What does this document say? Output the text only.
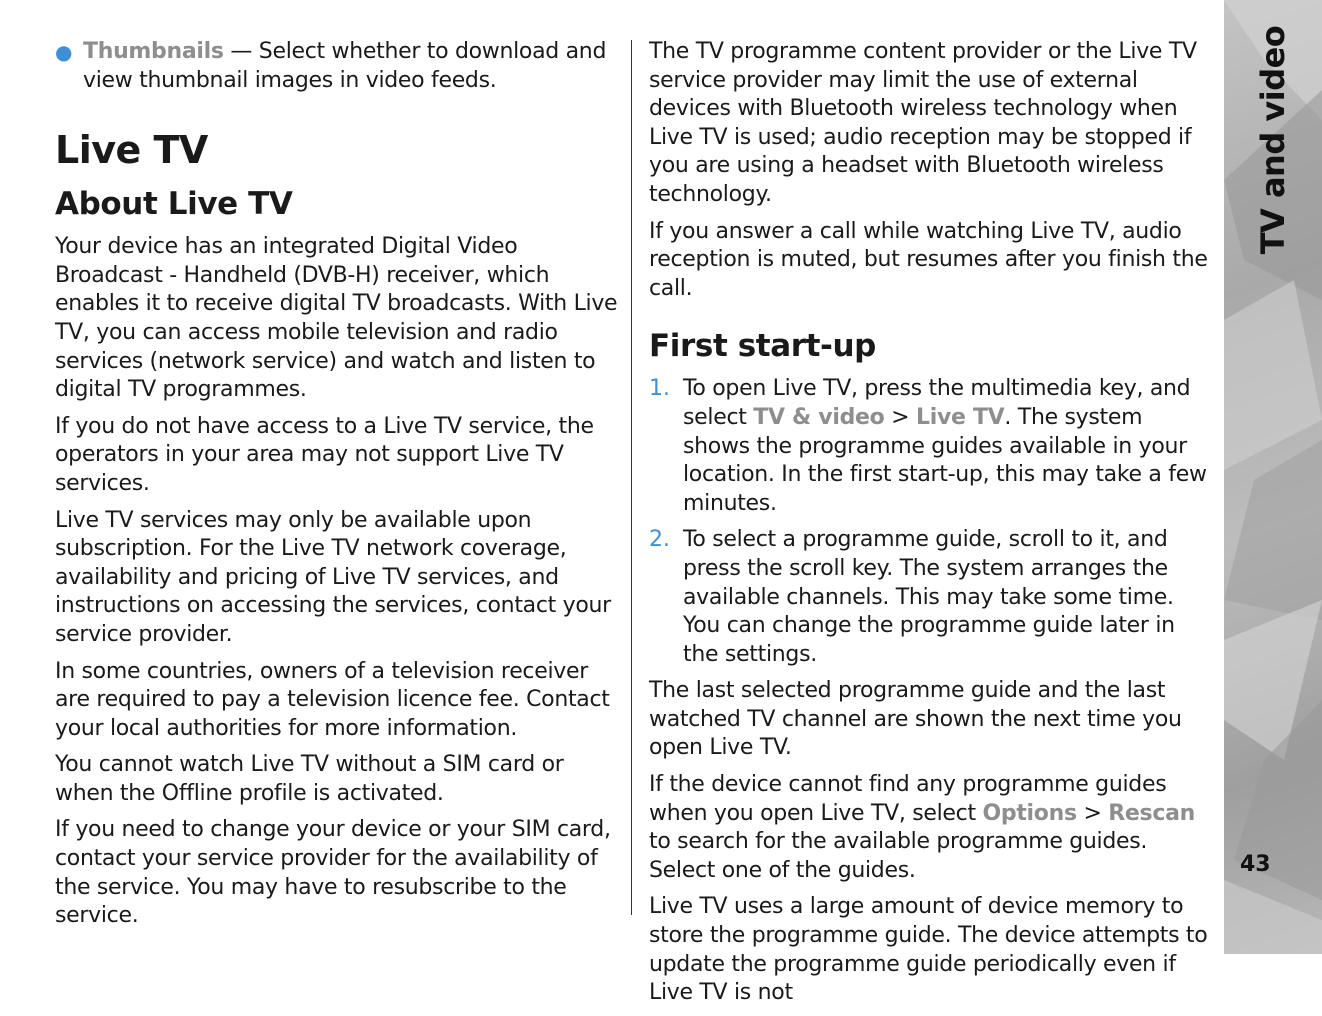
● Thumbnails — Select whether to download and view thumbnail images in video feeds.

Live TV
About Live TV

Your device has an integrated Digital Video Broadcast - Handheld (DVB-H) receiver, which enables it to receive digital TV broadcasts. With Live TV, you can access mobile television and radio services (network service) and watch and listen to digital TV programmes.

If you do not have access to a Live TV service, the operators in your area may not support Live TV services.

Live TV services may only be available upon subscription. For the Live TV network coverage, availability and pricing of Live TV services, and instructions on accessing the services, contact your service provider.

In some countries, owners of a television receiver are required to pay a television licence fee. Contact your local authorities for more information.

You cannot watch Live TV without a SIM card or when the Offline profile is activated.

If you need to change your device or your SIM card, contact your service provider for the availability of the service. You may have to resubscribe to the service.

The TV programme content provider or the Live TV service provider may limit the use of external devices with Bluetooth wireless technology when Live TV is used; audio reception may be stopped if you are using a headset with Bluetooth wireless technology.

If you answer a call while watching Live TV, audio reception is muted, but resumes after you finish the call.

First start-up
1. To open Live TV, press the multimedia key, and select TV & video > Live TV. The system shows the programme guides available in your location. In the first start-up, this may take a few minutes.

2. To select a programme guide, scroll to it, and press the scroll key. The system arranges the available channels. This may take some time. You can change the programme guide later in the settings.

The last selected programme guide and the last watched TV channel are shown the next time you open Live TV.

If the device cannot find any programme guides when you open Live TV, select Options > Rescan to search for the available programme guides. Select one of the guides.

Live TV uses a large amount of device memory to store the programme guide. The device attempts to update the programme guide periodically even if Live TV is not

TV and video
43
